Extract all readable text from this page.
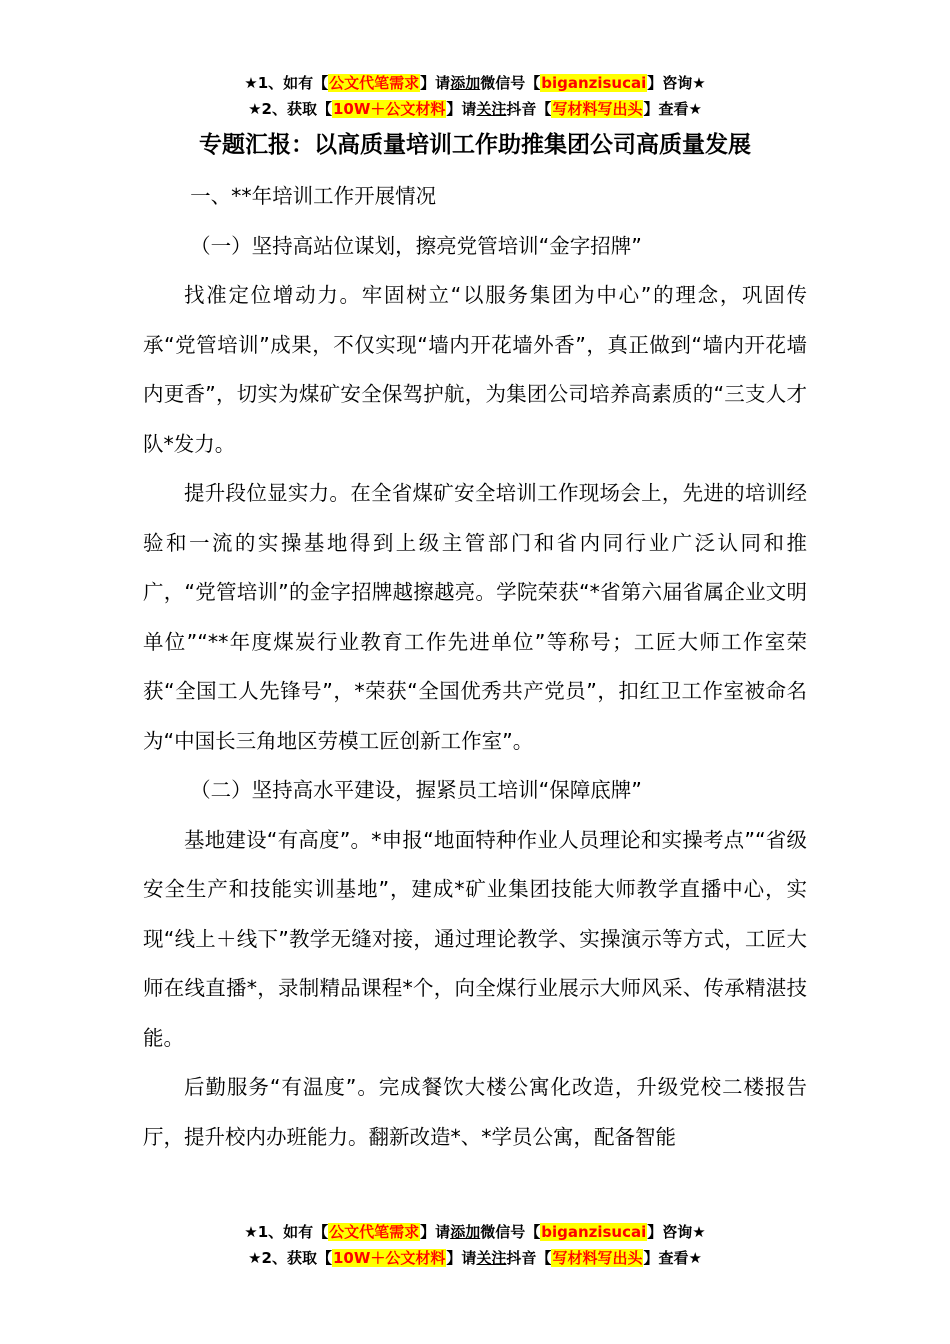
★1、如有【公文代笔需求】请添加微信号【biganzisucai】咨询★
★2、获取【10W＋公文材料】请关注抖音【写材料写出头】查看★
专题汇报：以高质量培训工作助推集团公司高质量发展

一、**年培训工作开展情况

（一）坚持高站位谋划，擦亮党管培训“金字招牌”

找准定位增动力。牢固树立“以服务集团为中心”的理念，巩固传承“党管培训”成果，不仅实现“墙内开花墙外香”，真正做到“墙内开花墙内更香”，切实为煤矿安全保驾护航，为集团公司培养高素质的“三支人才队*发力。

提升段位显实力。在全省煤矿安全培训工作现场会上，先进的培训经验和一流的实操基地得到上级主管部门和省内同行业广泛认同和推广，“党管培训”的金字招牌越擦越亮。学院荣获“*省第六届省属企业文明单位”“**年度煤炭行业教育工作先进单位”等称号；工匠大师工作室荣获“全国工人先锋号”，*荣获“全国优秀共产党员”，扣红卫工作室被命名为“中国长三角地区劳模工匠创新工作室”。

（二）坚持高水平建设，握紧员工培训“保障底牌”

基地建设“有高度”。*申报“地面特种作业人员理论和实操考点”“省级安全生产和技能实训基地”，建成*矿业集团技能大师教学直播中心，实现“线上＋线下”教学无缝对接，通过理论教学、实操演示等方式，工匠大师在线直播*，录制精品课程*个，向全煤行业展示大师风采、传承精湛技能。

后勤服务“有温度”。完成餐饮大楼公寓化改造，升级党校二楼报告厅，提升校内办班能力。翻新改造*、*学员公寓，配备智能

★1、如有【公文代笔需求】请添加微信号【biganzisucai】咨询★
★2、获取【10W＋公文材料】请关注抖音【写材料写出头】查看★
